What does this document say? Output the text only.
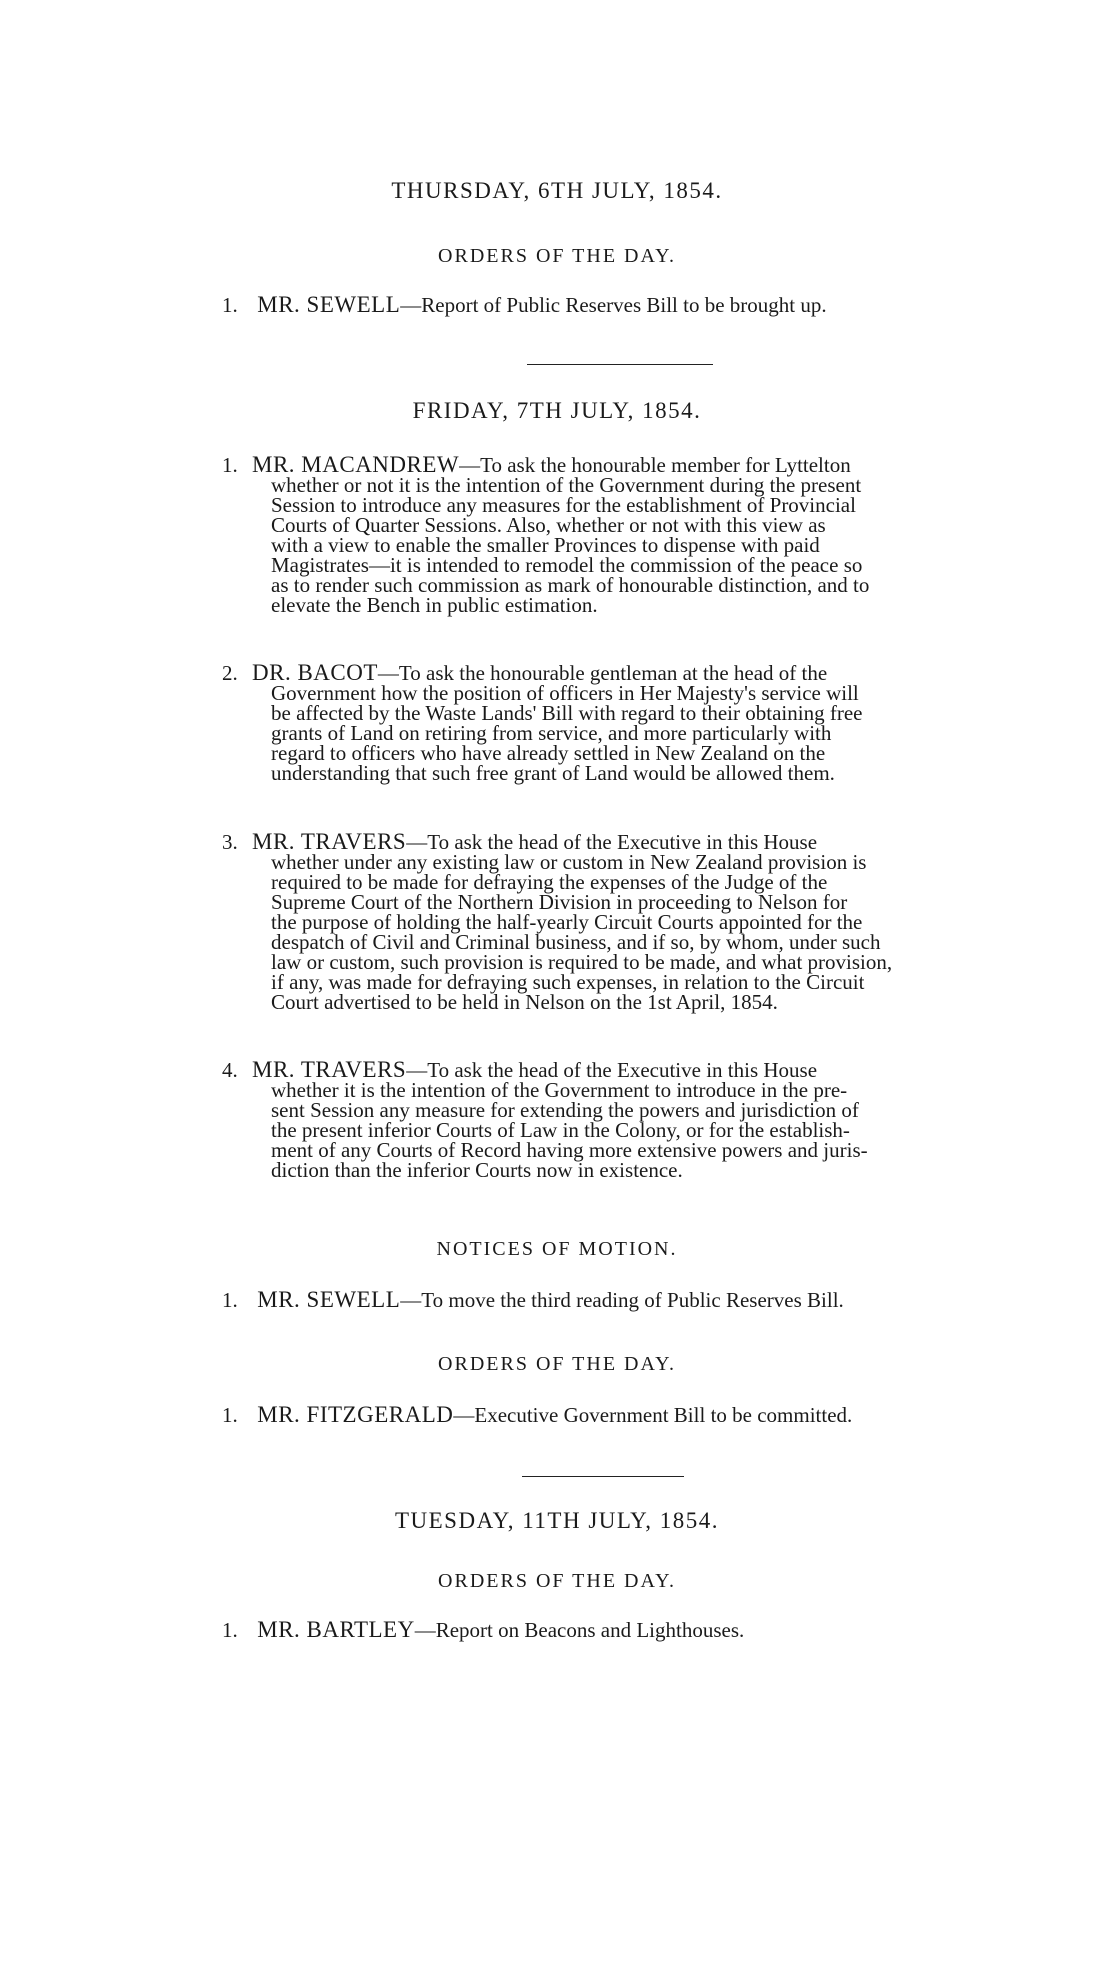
THURSDAY, 6TH JULY, 1854.
ORDERS OF THE DAY.
1. MR. SEWELL—Report of Public Reserves Bill to be brought up.
FRIDAY, 7TH JULY, 1854.
1. MR. MACANDREW—To ask the honourable member for Lyttelton
whether or not it is the intention of the Government during the present
Session to introduce any measures for the establishment of Provincial
Courts of Quarter Sessions. Also, whether or not with this view as
with a view to enable the smaller Provinces to dispense with paid
Magistrates—it is intended to remodel the commission of the peace so
as to render such commission as mark of honourable distinction, and to
elevate the Bench in public estimation.
2. DR. BACOT—To ask the honourable gentleman at the head of the
Government how the position of officers in Her Majesty's service will
be affected by the Waste Lands' Bill with regard to their obtaining free
grants of Land on retiring from service, and more particularly with
regard to officers who have already settled in New Zealand on the
understanding that such free grant of Land would be allowed them.
3. MR. TRAVERS—To ask the head of the Executive in this House
whether under any existing law or custom in New Zealand provision is
required to be made for defraying the expenses of the Judge of the
Supreme Court of the Northern Division in proceeding to Nelson for
the purpose of holding the half-yearly Circuit Courts appointed for the
despatch of Civil and Criminal business, and if so, by whom, under such
law or custom, such provision is required to be made, and what provision,
if any, was made for defraying such expenses, in relation to the Circuit
Court advertised to be held in Nelson on the 1st April, 1854.
4. MR. TRAVERS—To ask the head of the Executive in this House
whether it is the intention of the Government to introduce in the pre-
sent Session any measure for extending the powers and jurisdiction of
the present inferior Courts of Law in the Colony, or for the establish-
ment of any Courts of Record having more extensive powers and juris-
diction than the inferior Courts now in existence.
NOTICES OF MOTION.
1. MR. SEWELL—To move the third reading of Public Reserves Bill.
ORDERS OF THE DAY.
1. MR. FITZGERALD—Executive Government Bill to be committed.
TUESDAY, 11TH JULY, 1854.
ORDERS OF THE DAY.
1. MR. BARTLEY—Report on Beacons and Lighthouses.
